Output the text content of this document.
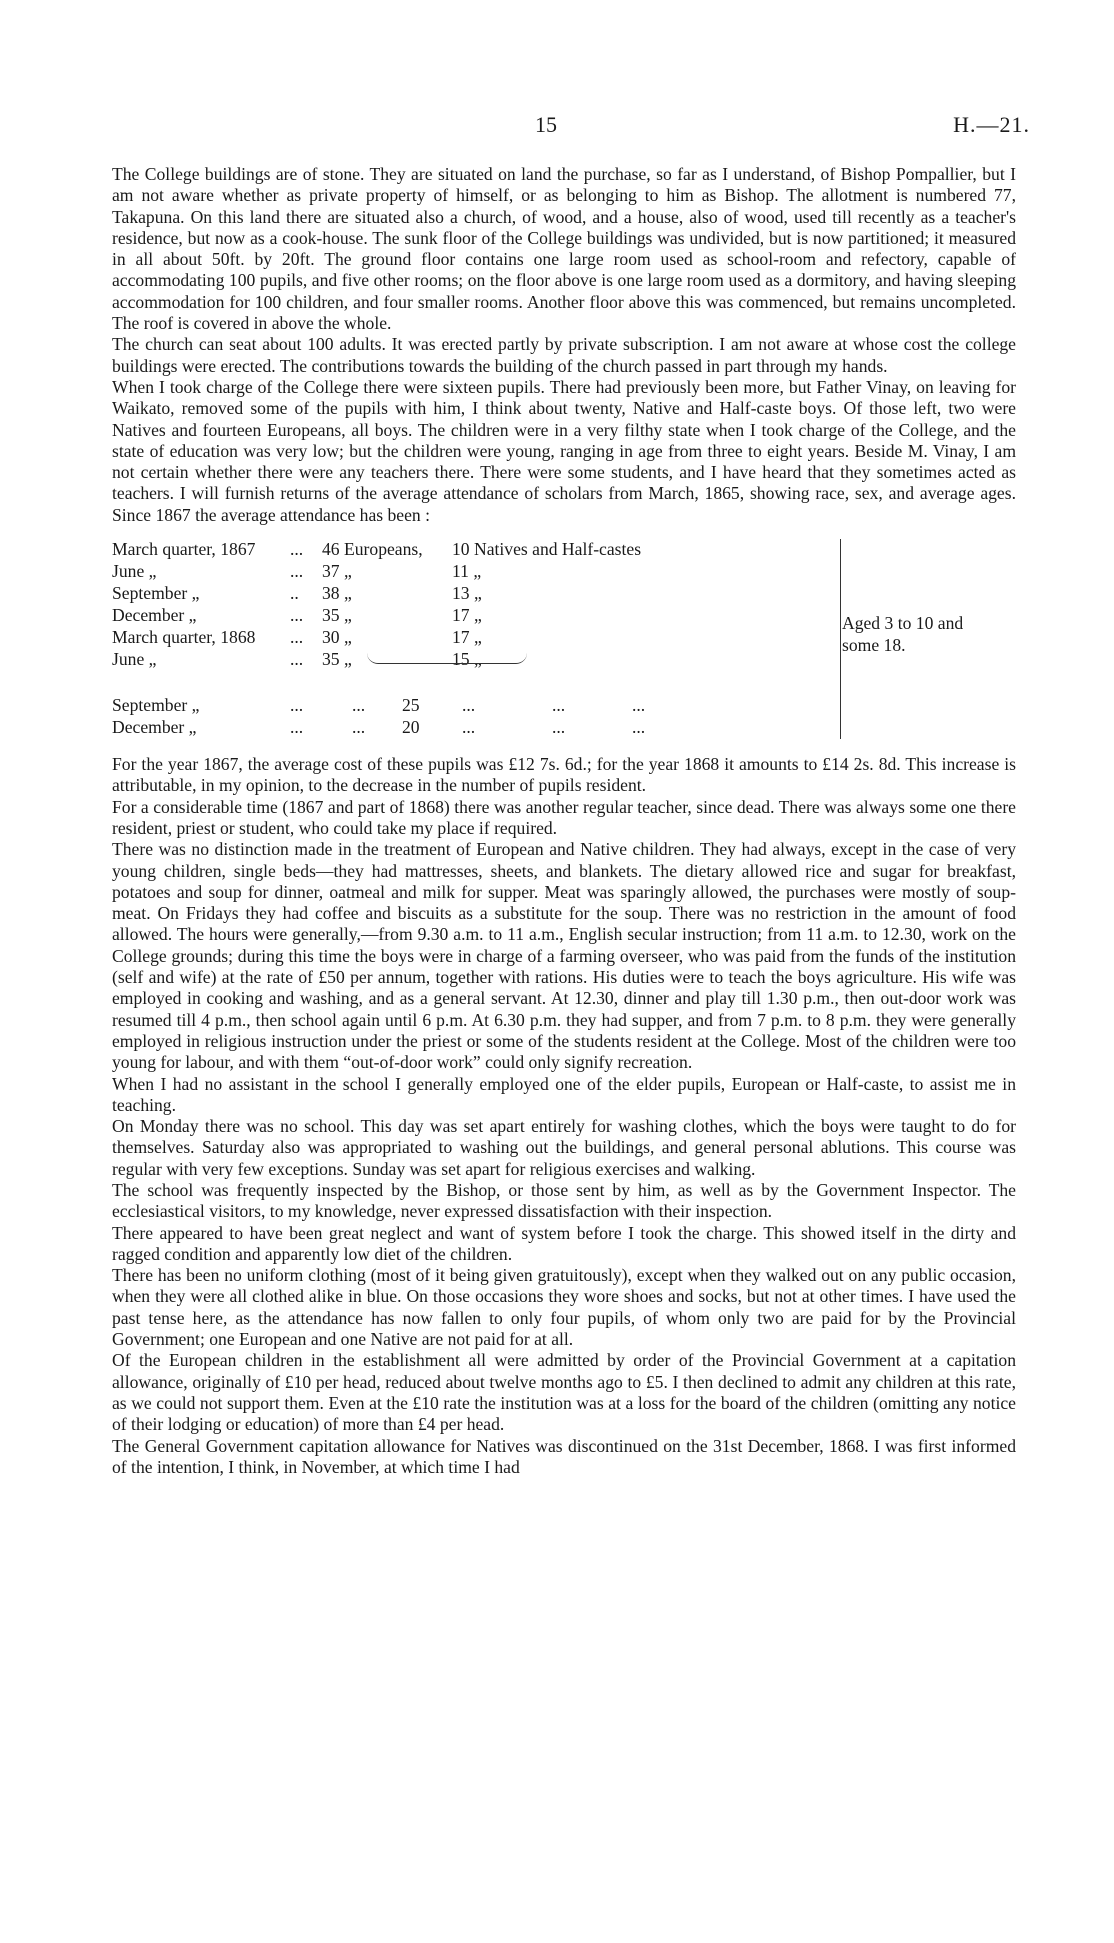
15	H.—21.

The College buildings are of stone. They are situated on land the purchase, so far as I understand, of Bishop Pompallier, but I am not aware whether as private property of himself, or as belonging to him as Bishop. The allotment is numbered 77, Takapuna. On this land there are situated also a church, of wood, and a house, also of wood, used till recently as a teacher's residence, but now as a cook-house. The sunk floor of the College buildings was undivided, but is now partitioned; it measured in all about 50ft. by 20ft. The ground floor contains one large room used as school-room and refectory, capable of accommodating 100 pupils, and five other rooms; on the floor above is one large room used as a dormitory, and having sleeping accommodation for 100 children, and four smaller rooms. Another floor above this was commenced, but remains uncompleted. The roof is covered in above the whole.

The church can seat about 100 adults. It was erected partly by private subscription. I am not aware at whose cost the college buildings were erected. The contributions towards the building of the church passed in part through my hands.

When I took charge of the College there were sixteen pupils. There had previously been more, but Father Vinay, on leaving for Waikato, removed some of the pupils with him, I think about twenty, Native and Half-caste boys. Of those left, two were Natives and fourteen Europeans, all boys. The children were in a very filthy state when I took charge of the College, and the state of education was very low; but the children were young, ranging in age from three to eight years. Beside M. Vinay, I am not certain whether there were any teachers there. There were some students, and I have heard that they sometimes acted as teachers. I will furnish returns of the average attendance of scholars from March, 1865, showing race, sex, and average ages. Since 1867 the average attendance has been :

March quarter, 1867 ... 46 Europeans, 10 Natives and Half-castes
June „	... 37 „	11 „
September „	.. 38 „	13 „
December „	... 35 „	17 „
March quarter, 1868 ... 30 „	17 „
June „	... 35 „	15 „
September „	...	... 25 ...	...	...
December „	...	... 20 ...	...	...
Aged 3 to 10 and some 18.

For the year 1867, the average cost of these pupils was £12 7s. 6d.; for the year 1868 it amounts to £14 2s. 8d. This increase is attributable, in my opinion, to the decrease in the number of pupils resident.

For a considerable time (1867 and part of 1868) there was another regular teacher, since dead. There was always some one there resident, priest or student, who could take my place if required.

There was no distinction made in the treatment of European and Native children. They had always, except in the case of very young children, single beds—they had mattresses, sheets, and blankets. The dietary allowed rice and sugar for breakfast, potatoes and soup for dinner, oatmeal and milk for supper. Meat was sparingly allowed, the purchases were mostly of soup-meat. On Fridays they had coffee and biscuits as a substitute for the soup. There was no restriction in the amount of food allowed. The hours were generally,—from 9.30 a.m. to 11 a.m., English secular instruction; from 11 a.m. to 12.30, work on the College grounds; during this time the boys were in charge of a farming overseer, who was paid from the funds of the institution (self and wife) at the rate of £50 per annum, together with rations. His duties were to teach the boys agriculture. His wife was employed in cooking and washing, and as a general servant. At 12.30, dinner and play till 1.30 p.m., then out-door work was resumed till 4 p.m., then school again until 6 p.m. At 6.30 p.m. they had supper, and from 7 p.m. to 8 p.m. they were generally employed in religious instruction under the priest or some of the students resident at the College. Most of the children were too young for labour, and with them “out-of-door work” could only signify recreation.

When I had no assistant in the school I generally employed one of the elder pupils, European or Half-caste, to assist me in teaching.

On Monday there was no school. This day was set apart entirely for washing clothes, which the boys were taught to do for themselves. Saturday also was appropriated to washing out the buildings, and general personal ablutions. This course was regular with very few exceptions. Sunday was set apart for religious exercises and walking.

The school was frequently inspected by the Bishop, or those sent by him, as well as by the Government Inspector. The ecclesiastical visitors, to my knowledge, never expressed dissatisfaction with their inspection.

There appeared to have been great neglect and want of system before I took the charge. This showed itself in the dirty and ragged condition and apparently low diet of the children.

There has been no uniform clothing (most of it being given gratuitously), except when they walked out on any public occasion, when they were all clothed alike in blue. On those occasions they wore shoes and socks, but not at other times. I have used the past tense here, as the attendance has now fallen to only four pupils, of whom only two are paid for by the Provincial Government; one European and one Native are not paid for at all.

Of the European children in the establishment all were admitted by order of the Provincial Government at a capitation allowance, originally of £10 per head, reduced about twelve months ago to £5. I then declined to admit any children at this rate, as we could not support them. Even at the £10 rate the institution was at a loss for the board of the children (omitting any notice of their lodging or education) of more than £4 per head.

The General Government capitation allowance for Natives was discontinued on the 31st December, 1868. I was first informed of the intention, I think, in November, at which time I had
